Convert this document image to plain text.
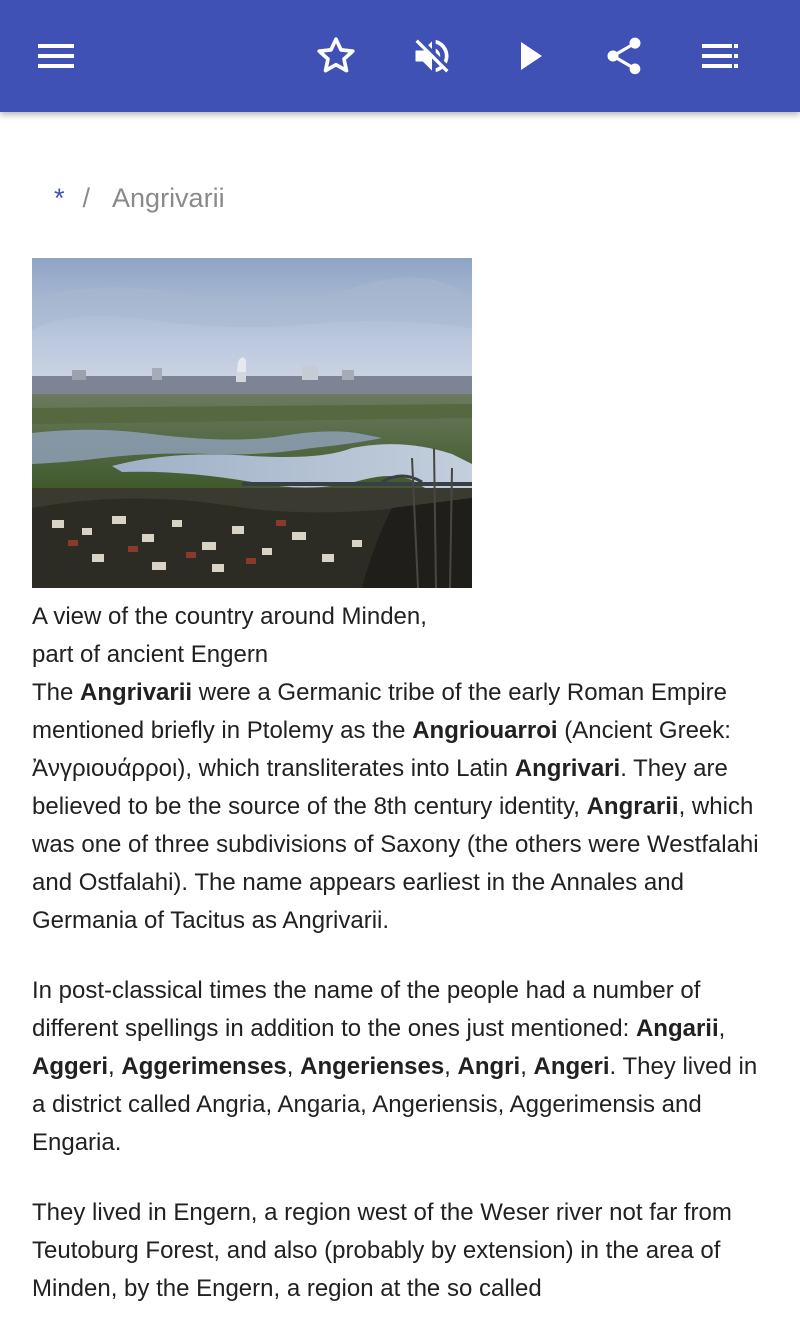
* / Angrivarii
A view of the country around Minden, part of ancient Engern

The Angrivarii were a Germanic tribe of the early Roman Empire mentioned briefly in Ptolemy as the Angriouarroi (Ancient Greek: Ἀνγριουάρροι), which transliterates into Latin Angrivari. They are believed to be the source of the 8th century identity, Angrarii, which was one of three subdivisions of Saxony (the others were Westfalahi and Ostfalahi). The name appears earliest in the Annales and Germania of Tacitus as Angrivarii.

In post-classical times the name of the people had a number of different spellings in addition to the ones just mentioned: Angarii, Aggeri, Aggerimenses, Angerienses, Angri, Angeri. They lived in a district called Angria, Angaria, Angeriensis, Aggerimensis and Engaria.

They lived in Engern, a region west of the Weser river not far from Teutoburg Forest, and also (probably by extension) in the area of Minden, by the Engern, a region at the so called
